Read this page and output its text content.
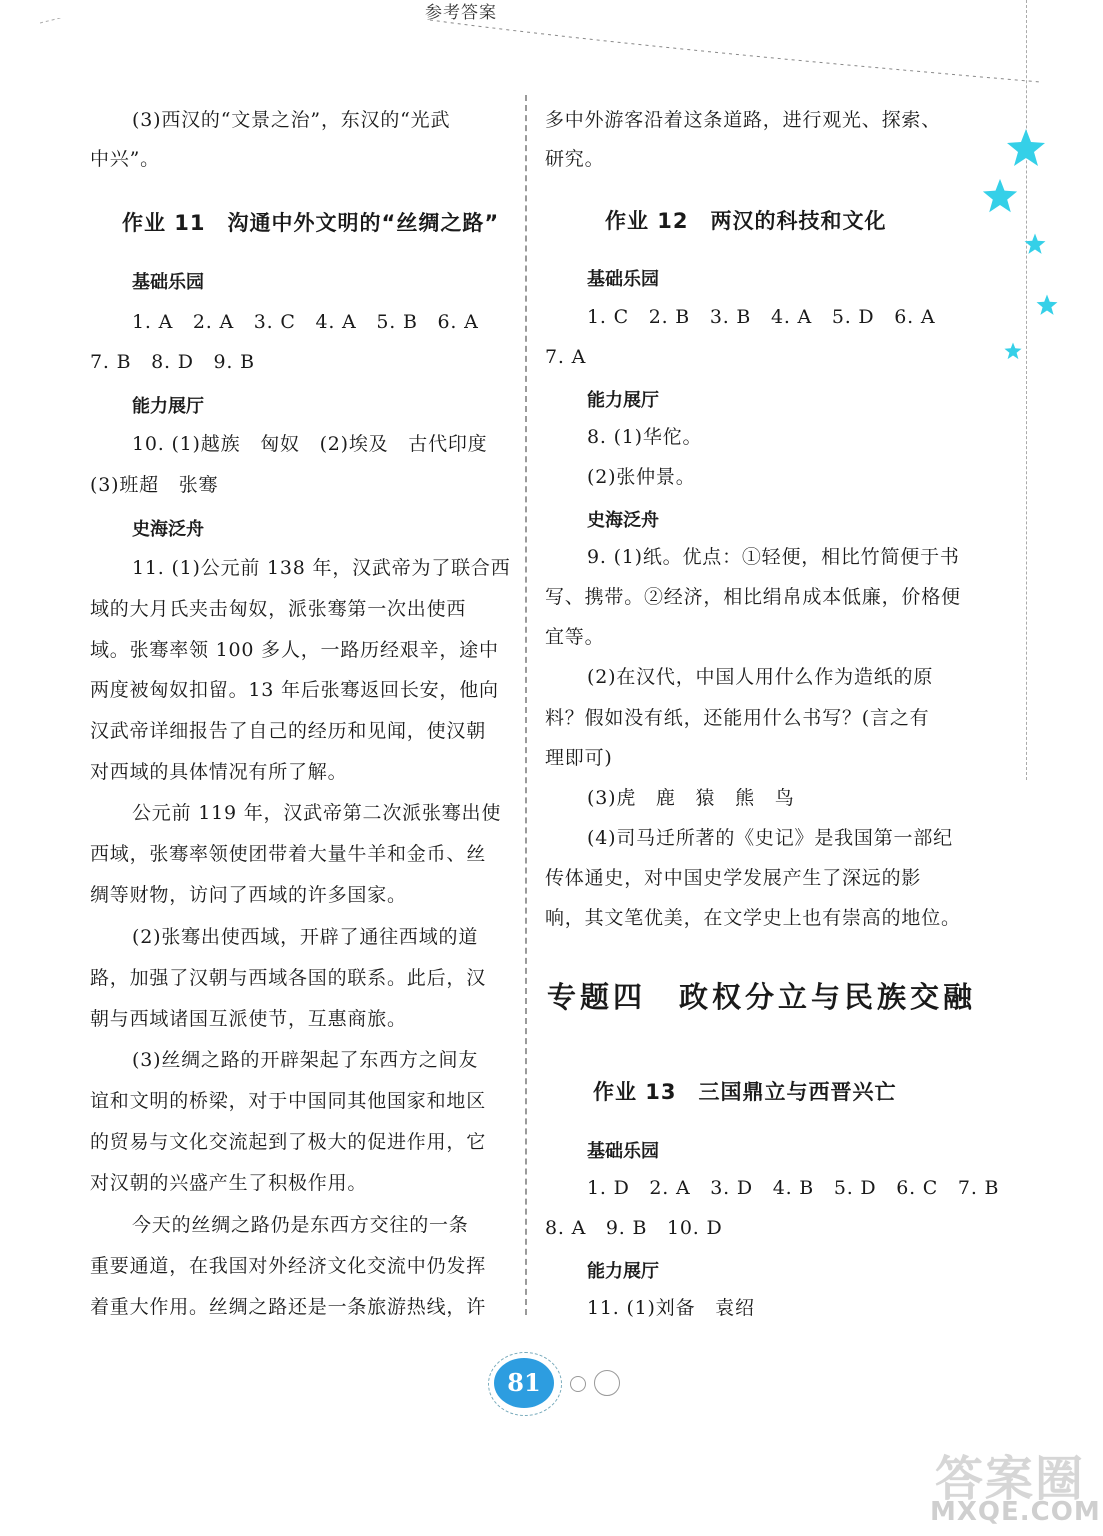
参考答案
(3)西汉的“文景之治”，东汉的“光武
中兴”。
作业 11　沟通中外文明的“丝绸之路”
基础乐园
1. A　2. A　3. C　4. A　5. B　6. A
7. B　8. D　9. B
能力展厅
10. (1)越族　匈奴　(2)埃及　古代印度
(3)班超　张骞
史海泛舟
11. (1)公元前 138 年，汉武帝为了联合西
域的大月氏夹击匈奴，派张骞第一次出使西
域。张骞率领 100 多人，一路历经艰辛，途中
两度被匈奴扣留。13 年后张骞返回长安，他向
汉武帝详细报告了自己的经历和见闻，使汉朝
对西域的具体情况有所了解。
公元前 119 年，汉武帝第二次派张骞出使
西域，张骞率领使团带着大量牛羊和金币、丝
绸等财物，访问了西域的许多国家。
(2)张骞出使西域，开辟了通往西域的道
路，加强了汉朝与西域各国的联系。此后，汉
朝与西域诸国互派使节，互惠商旅。
(3)丝绸之路的开辟架起了东西方之间友
谊和文明的桥梁，对于中国同其他国家和地区
的贸易与文化交流起到了极大的促进作用，它
对汉朝的兴盛产生了积极作用。
今天的丝绸之路仍是东西方交往的一条
重要通道，在我国对外经济文化交流中仍发挥
着重大作用。丝绸之路还是一条旅游热线，许
多中外游客沿着这条道路，进行观光、探索、
研究。
作业 12　两汉的科技和文化
基础乐园
1. C　2. B　3. B　4. A　5. D　6. A
7. A
能力展厅
8. (1)华佗。
(2)张仲景。
史海泛舟
9. (1)纸。优点：①轻便，相比竹简便于书
写、携带。②经济，相比绢帛成本低廉，价格便
宜等。
(2)在汉代，中国人用什么作为造纸的原
料？假如没有纸，还能用什么书写？(言之有
理即可)
(3)虎　鹿　猿　熊　鸟
(4)司马迁所著的《史记》是我国第一部纪
传体通史，对中国史学发展产生了深远的影
响，其文笔优美，在文学史上也有崇高的地位。
专题四　政权分立与民族交融
作业 13　三国鼎立与西晋兴亡
基础乐园
1. D　2. A　3. D　4. B　5. D　6. C　7. B
8. A　9. B　10. D
能力展厅
11. (1)刘备　袁绍
81
答案圈
MXQE.COM
